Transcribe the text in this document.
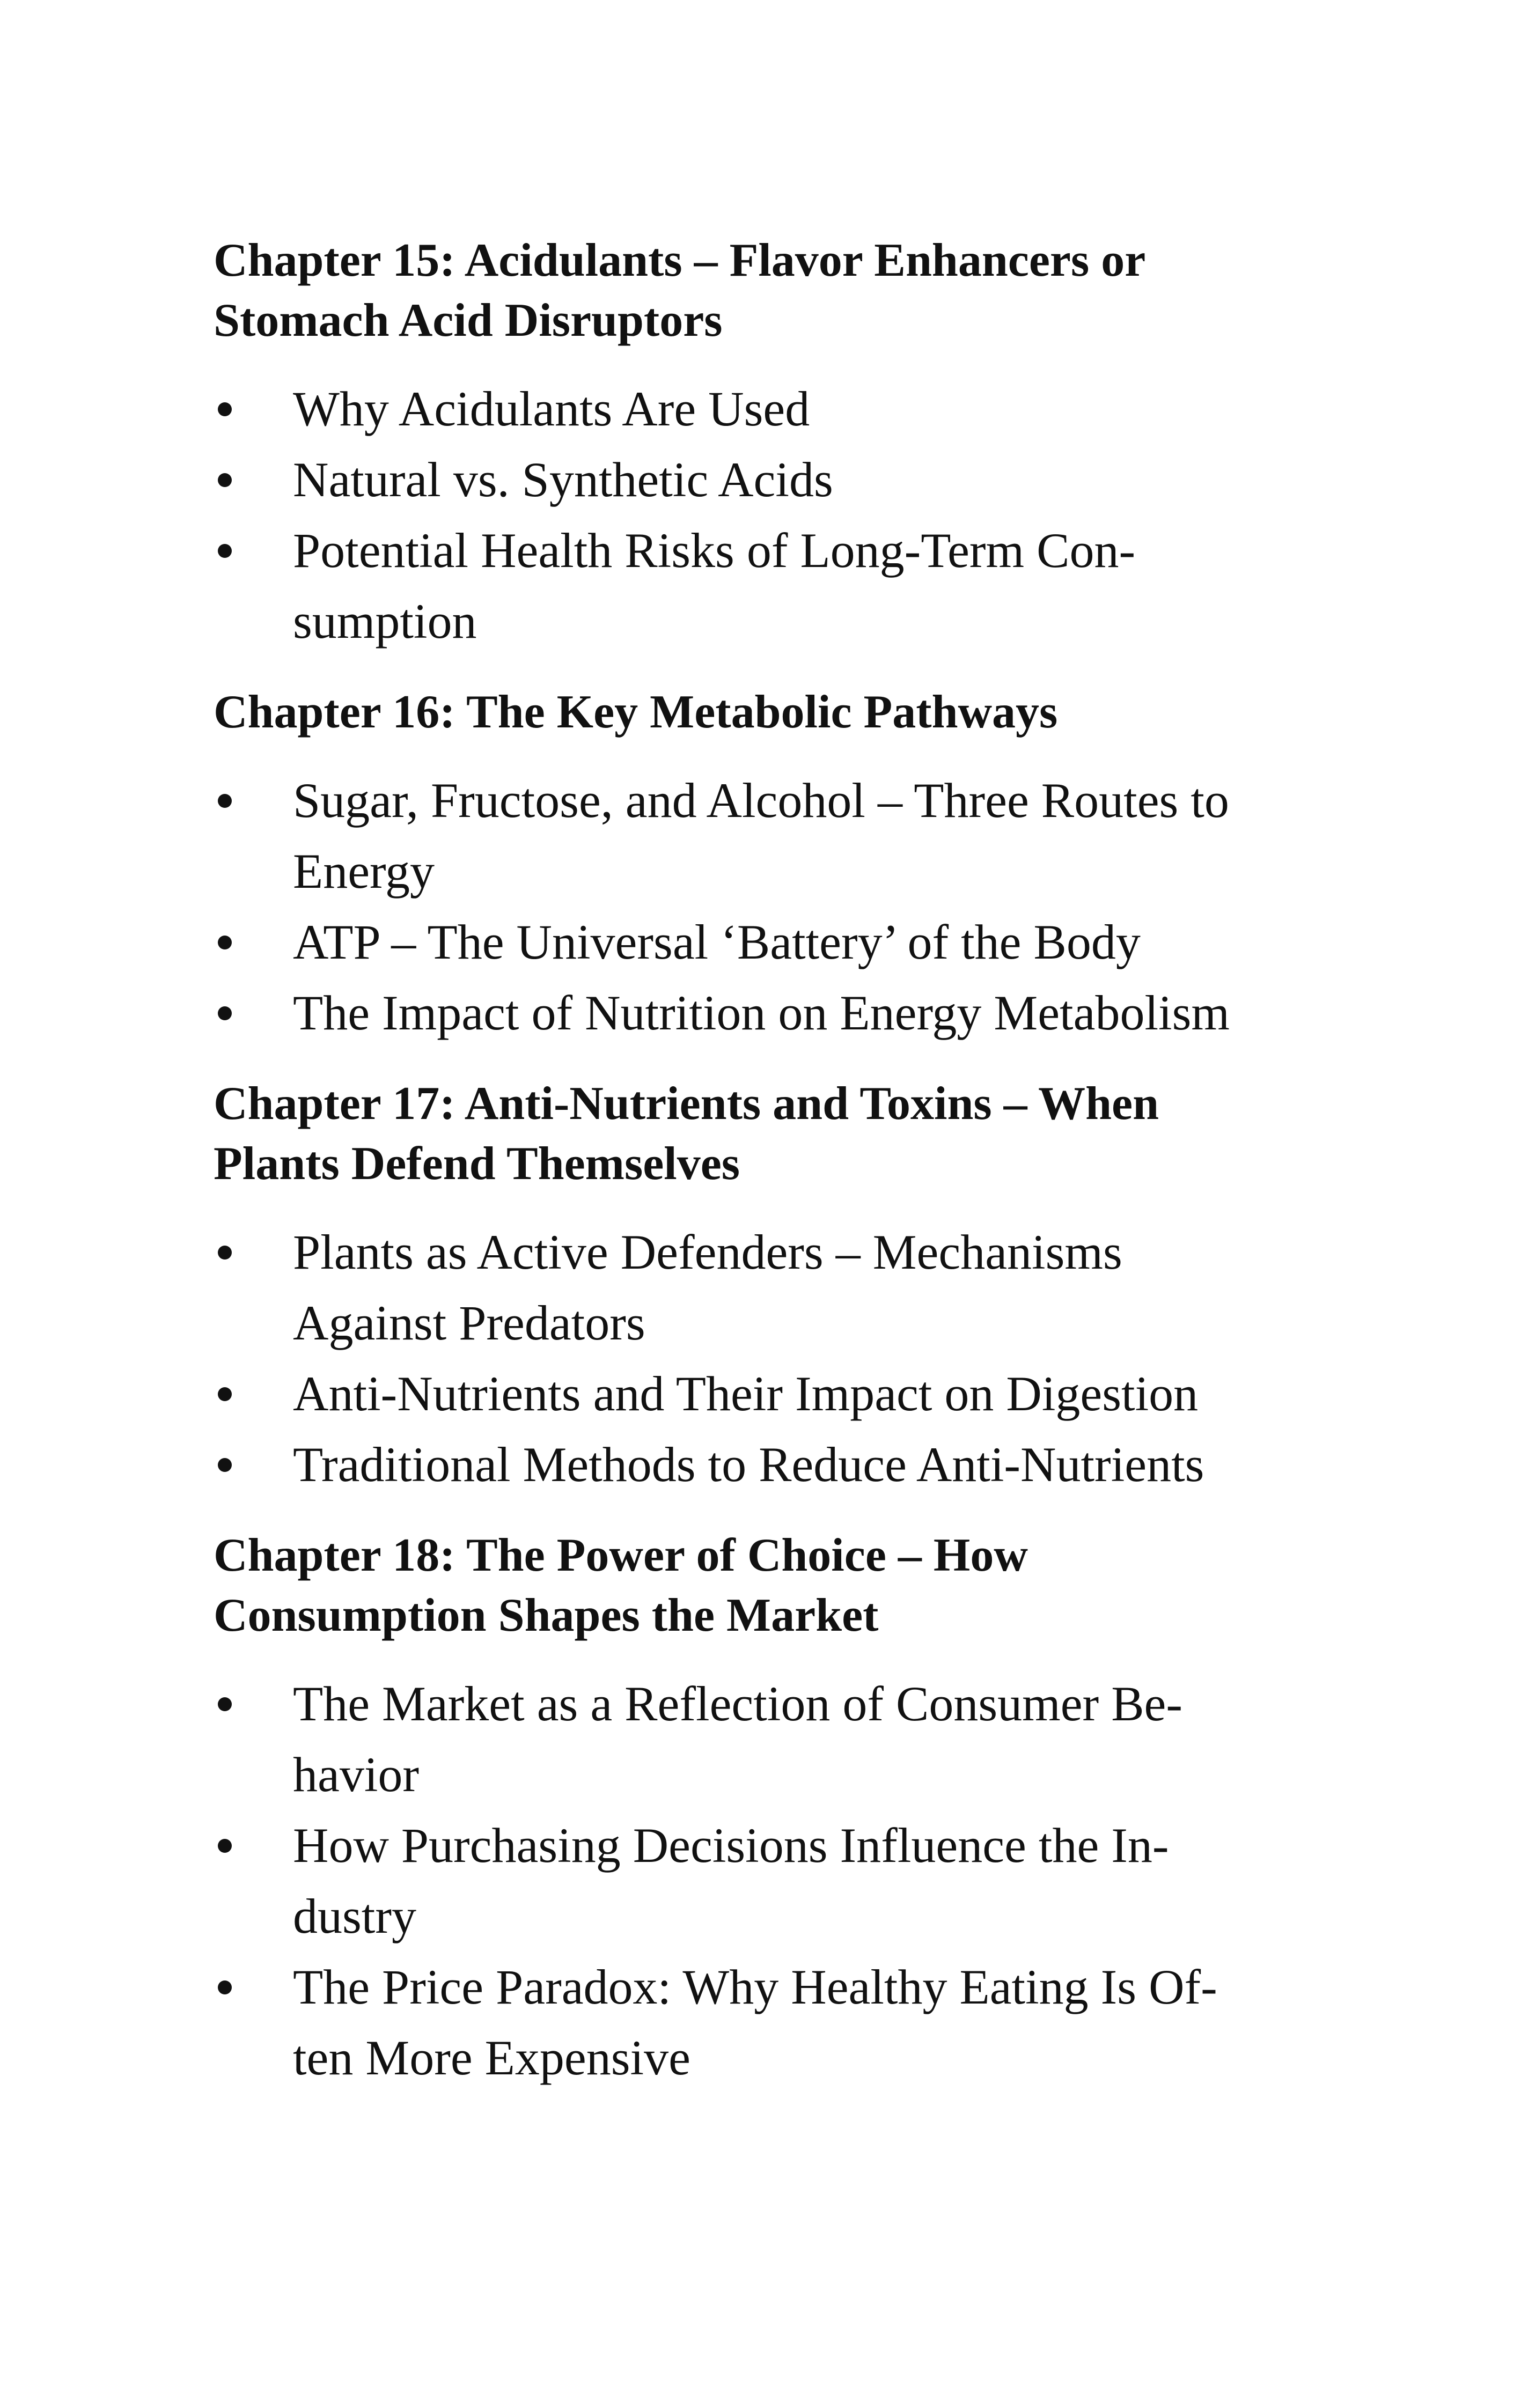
Chapter 15: Acidulants – Flavor Enhancers or
Stomach Acid Disruptors
Why Acidulants Are Used
Natural vs. Synthetic Acids
Potential Health Risks of Long-Term Con-
sumption
Chapter 16: The Key Metabolic Pathways
Sugar, Fructose, and Alcohol – Three Routes to
Energy
ATP – The Universal ‘Battery’ of the Body
The Impact of Nutrition on Energy Metabolism
Chapter 17: Anti-Nutrients and Toxins – When
Plants Defend Themselves
Plants as Active Defenders – Mechanisms
Against Predators
Anti-Nutrients and Their Impact on Digestion
Traditional Methods to Reduce Anti-Nutrients
Chapter 18: The Power of Choice – How
Consumption Shapes the Market
The Market as a Reflection of Consumer Be-
havior
How Purchasing Decisions Influence the In-
dustry
The Price Paradox: Why Healthy Eating Is Of-
ten More Expensive
